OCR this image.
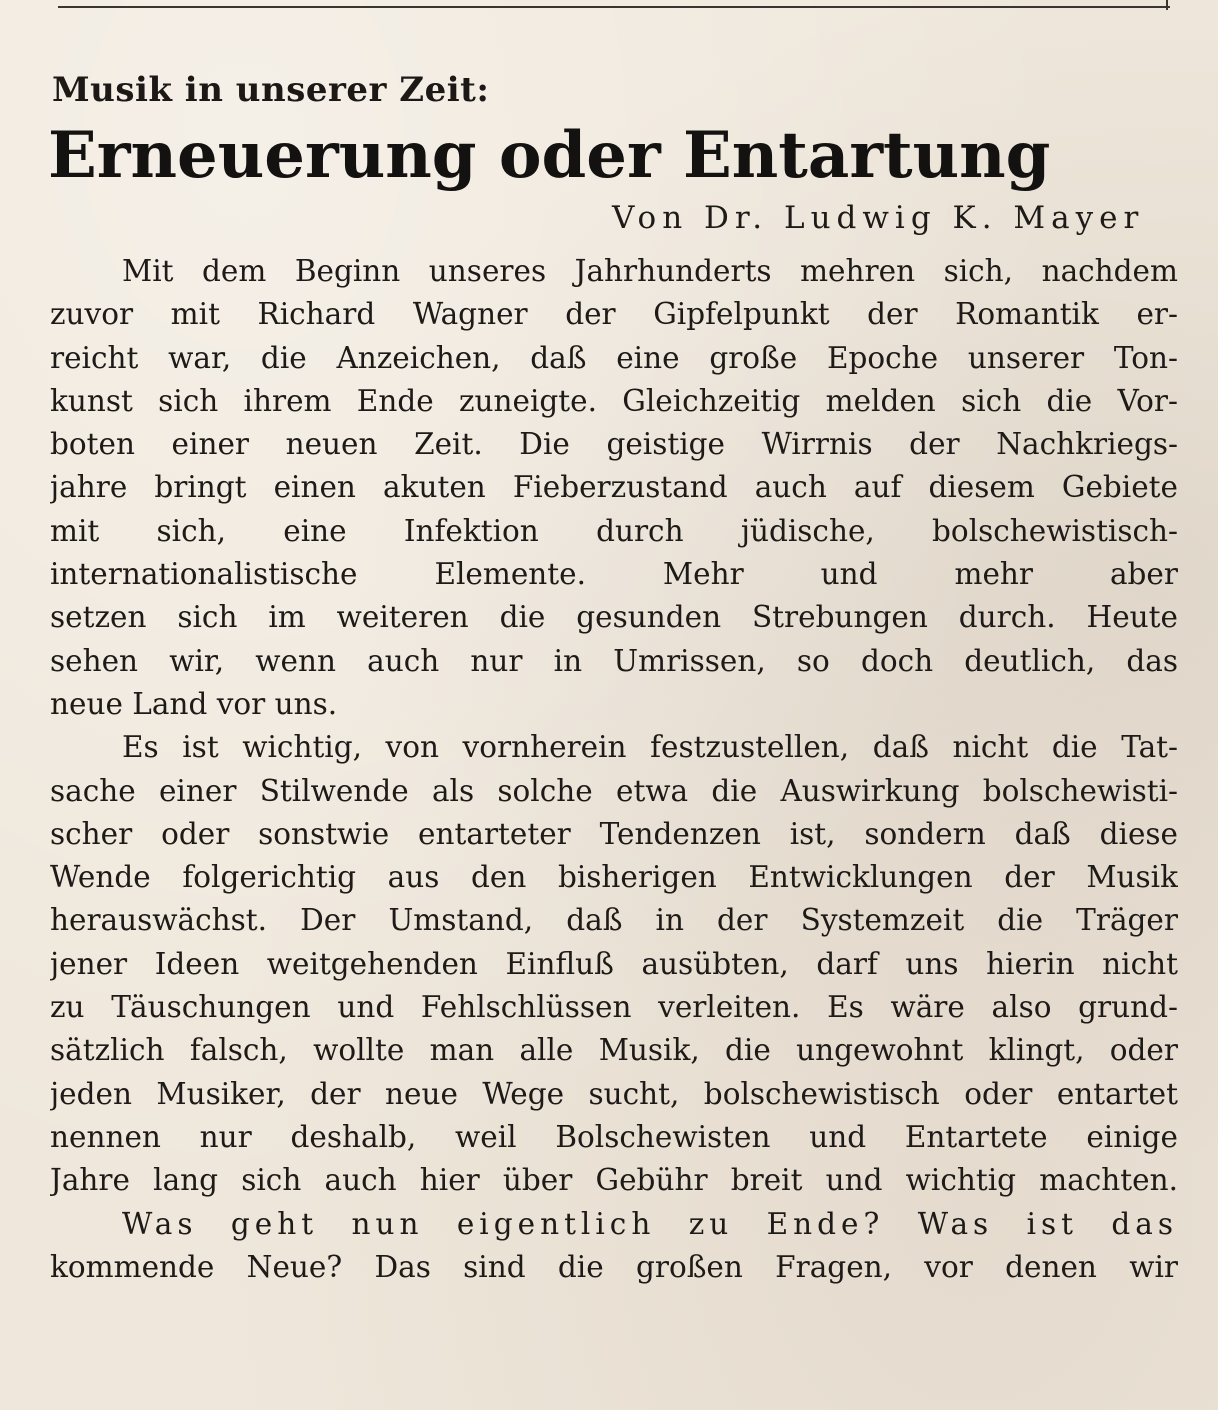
Musik in unserer Zeit:
Erneuerung oder Entartung
Von Dr. Ludwig K. Mayer
Mit dem Beginn unseres Jahrhunderts mehren sich, nachdem
zuvor mit Richard Wagner der Gipfelpunkt der Romantik er-
reicht war, die Anzeichen, daß eine große Epoche unserer Ton-
kunst sich ihrem Ende zuneigte. Gleichzeitig melden sich die Vor-
boten einer neuen Zeit. Die geistige Wirrnis der Nachkriegs-
jahre bringt einen akuten Fieberzustand auch auf diesem Gebiete
mit sich, eine Infektion durch jüdische, bolschewistisch-
internationalistische Elemente. Mehr und mehr aber
setzen sich im weiteren die gesunden Strebungen durch. Heute
sehen wir, wenn auch nur in Umrissen, so doch deutlich, das
neue Land vor uns.
Es ist wichtig, von vornherein festzustellen, daß nicht die Tat-
sache einer Stilwende als solche etwa die Auswirkung bolschewisti-
scher oder sonstwie entarteter Tendenzen ist, sondern daß diese
Wende folgerichtig aus den bisherigen Entwicklungen der Musik
herauswächst. Der Umstand, daß in der Systemzeit die Träger
jener Ideen weitgehenden Einfluß ausübten, darf uns hierin nicht
zu Täuschungen und Fehlschlüssen verleiten. Es wäre also grund-
sätzlich falsch, wollte man alle Musik, die ungewohnt klingt, oder
jeden Musiker, der neue Wege sucht, bolschewistisch oder entartet
nennen nur deshalb, weil Bolschewisten und Entartete einige
Jahre lang sich auch hier über Gebühr breit und wichtig machten.
Was geht nun eigentlich zu Ende? Was ist das
kommende Neue? Das sind die großen Fragen, vor denen wir
